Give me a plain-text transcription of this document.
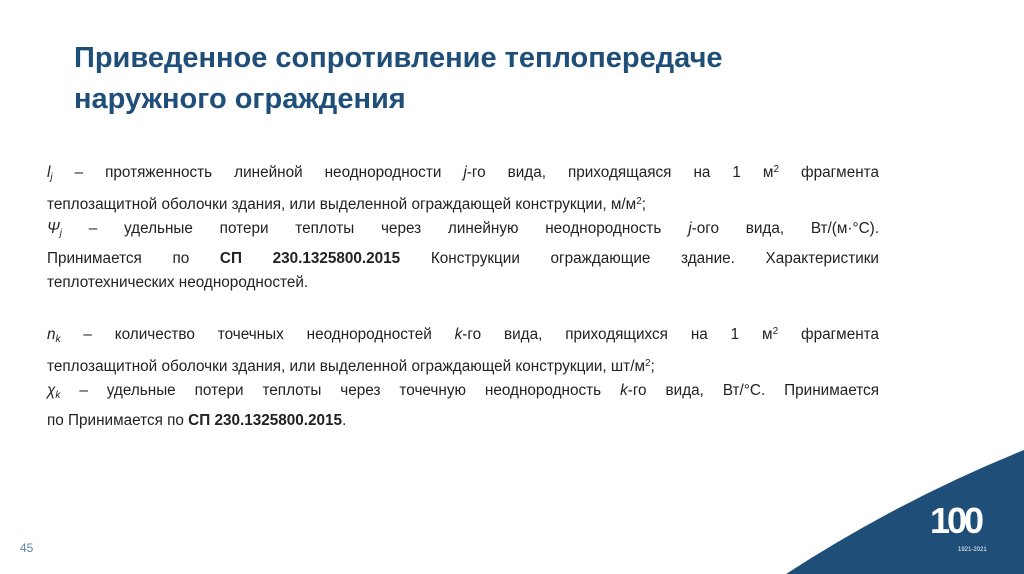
Приведенное сопротивление теплопередаче
наружного ограждения
$l_j$ – протяженность линейной неоднородности j-го вида, приходящаяся на 1 $м^2$ фрагмента
теплозащитной оболочки здания, или выделенной ограждающей конструкции, $м/м^2$;
$\Psi_j$ – удельные потери теплоты через линейную неоднородность j-ого вида, Вт/(м·°С).
Принимается по СП 230.1325800.2015 Конструкции ограждающие здание. Характеристики
теплотехнических неоднородностей.
$n_k$ – количество точечных неоднородностей k-го вида, приходящихся на 1 $м^2$ фрагмента
теплозащитной оболочки здания, или выделенной ограждающей конструкции, $шт/м^2$;
$\chi_k$ – удельные потери теплоты через точечную неоднородность k-го вида, Вт/°С. Принимается
по Принимается по СП 230.1325800.2015.
45
100
1921-2021
